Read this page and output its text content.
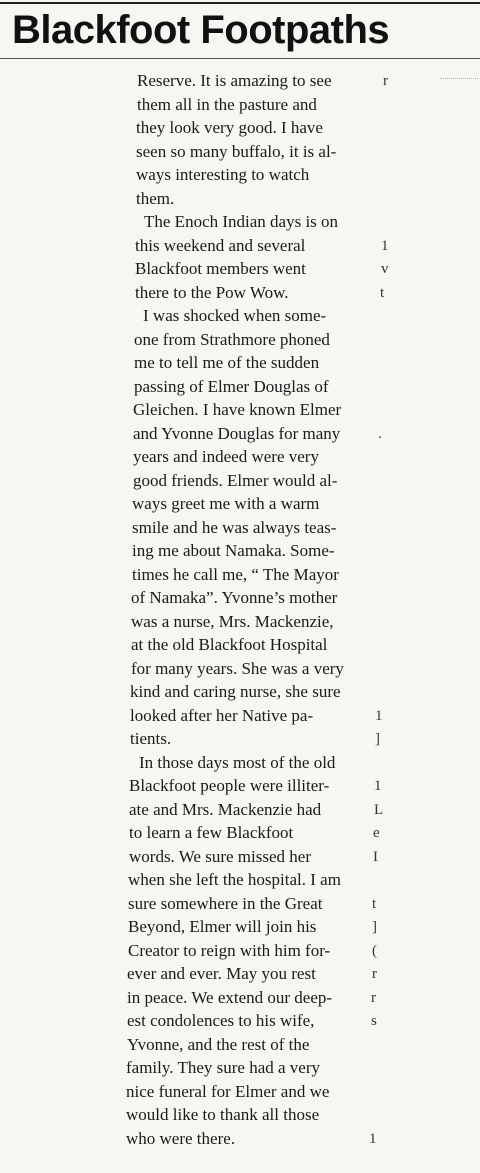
Blackfoot Footpaths
Reserve. It is amazing to see
them all in the pasture and
they look very good. I have
seen so many buffalo, it is al-
ways interesting to watch
them.
The Enoch Indian days is on
this weekend and several
Blackfoot members went
there to the Pow Wow.
I was shocked when some-
one from Strathmore phoned
me to tell me of the sudden
passing of Elmer Douglas of
Gleichen. I have known Elmer
and Yvonne Douglas for many
years and indeed were very
good friends. Elmer would al-
ways greet me with a warm
smile and he was always teas-
ing me about Namaka. Some-
times he call me, “ The Mayor
of Namaka”. Yvonne’s mother
was a nurse, Mrs. Mackenzie,
at the old Blackfoot Hospital
for many years. She was a very
kind and caring nurse, she sure
looked after her Native pa-
tients.
In those days most of the old
Blackfoot people were illiter-
ate and Mrs. Mackenzie had
to learn a few Blackfoot
words. We sure missed her
when she left the hospital. I am
sure somewhere in the Great
Beyond, Elmer will join his
Creator to reign with him for-
ever and ever. May you rest
in peace. We extend our deep-
est condolences to his wife,
Yvonne, and the rest of the
family. They sure had a very
nice funeral for Elmer and we
would like to thank all those
who were there.
r
1
v
t
.
1
]
1
L
e
I
t
]
(
r
r
s
1
